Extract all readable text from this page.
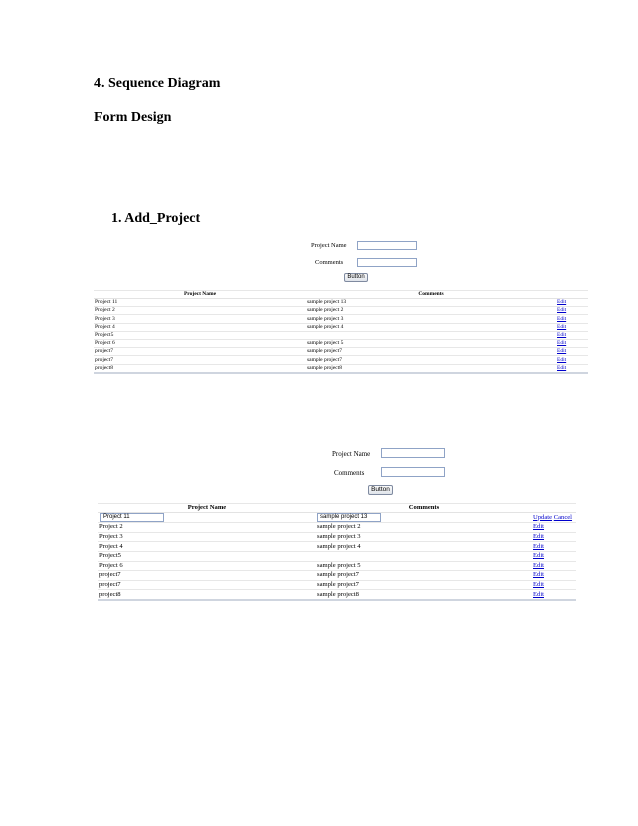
4. Sequence Diagram
Form Design
1. Add_Project
Project Name
Comments
Button
Project Name	Comments	
Project 11	sample project 13	Edit
Project 2	sample project 2	Edit
Project 3	sample project 3	Edit
Project 4	sample project 4	Edit
Project5		Edit
Project 6	sample project 5	Edit
project7	sample project7	Edit
project7	sample project7	Edit
project8	sample project8	Edit
Project Name
Comments
Button
Project Name	Comments	
Project 11	sample project 13	Update Cancel
Project 2	sample project 2	Edit
Project 3	sample project 3	Edit
Project 4	sample project 4	Edit
Project5		Edit
Project 6	sample project 5	Edit
project7	sample project7	Edit
project7	sample project7	Edit
project8	sample project8	Edit
